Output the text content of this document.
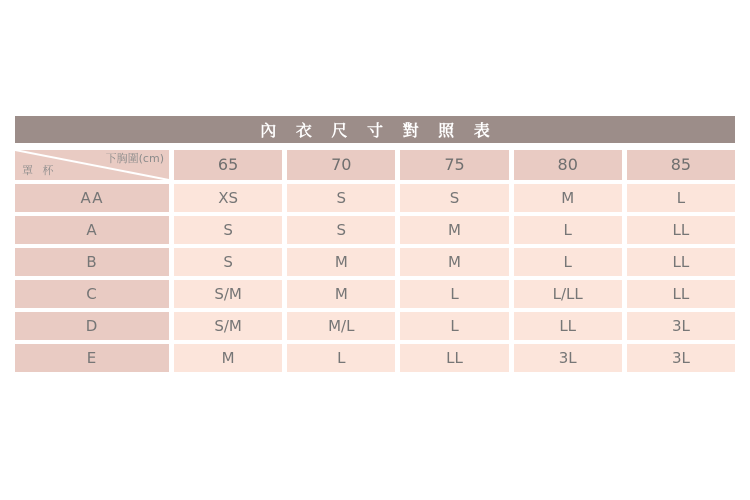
內 衣 尺 寸 對 照 表
下胸圍(cm)
罩 杯	65	70	75	80	85
AA	XS	S	S	M	L
A	S	S	M	L	LL
B	S	M	M	L	LL
C	S/M	M	L	L/LL	LL
D	S/M	M/L	L	LL	3L
E	M	L	LL	3L	3L
